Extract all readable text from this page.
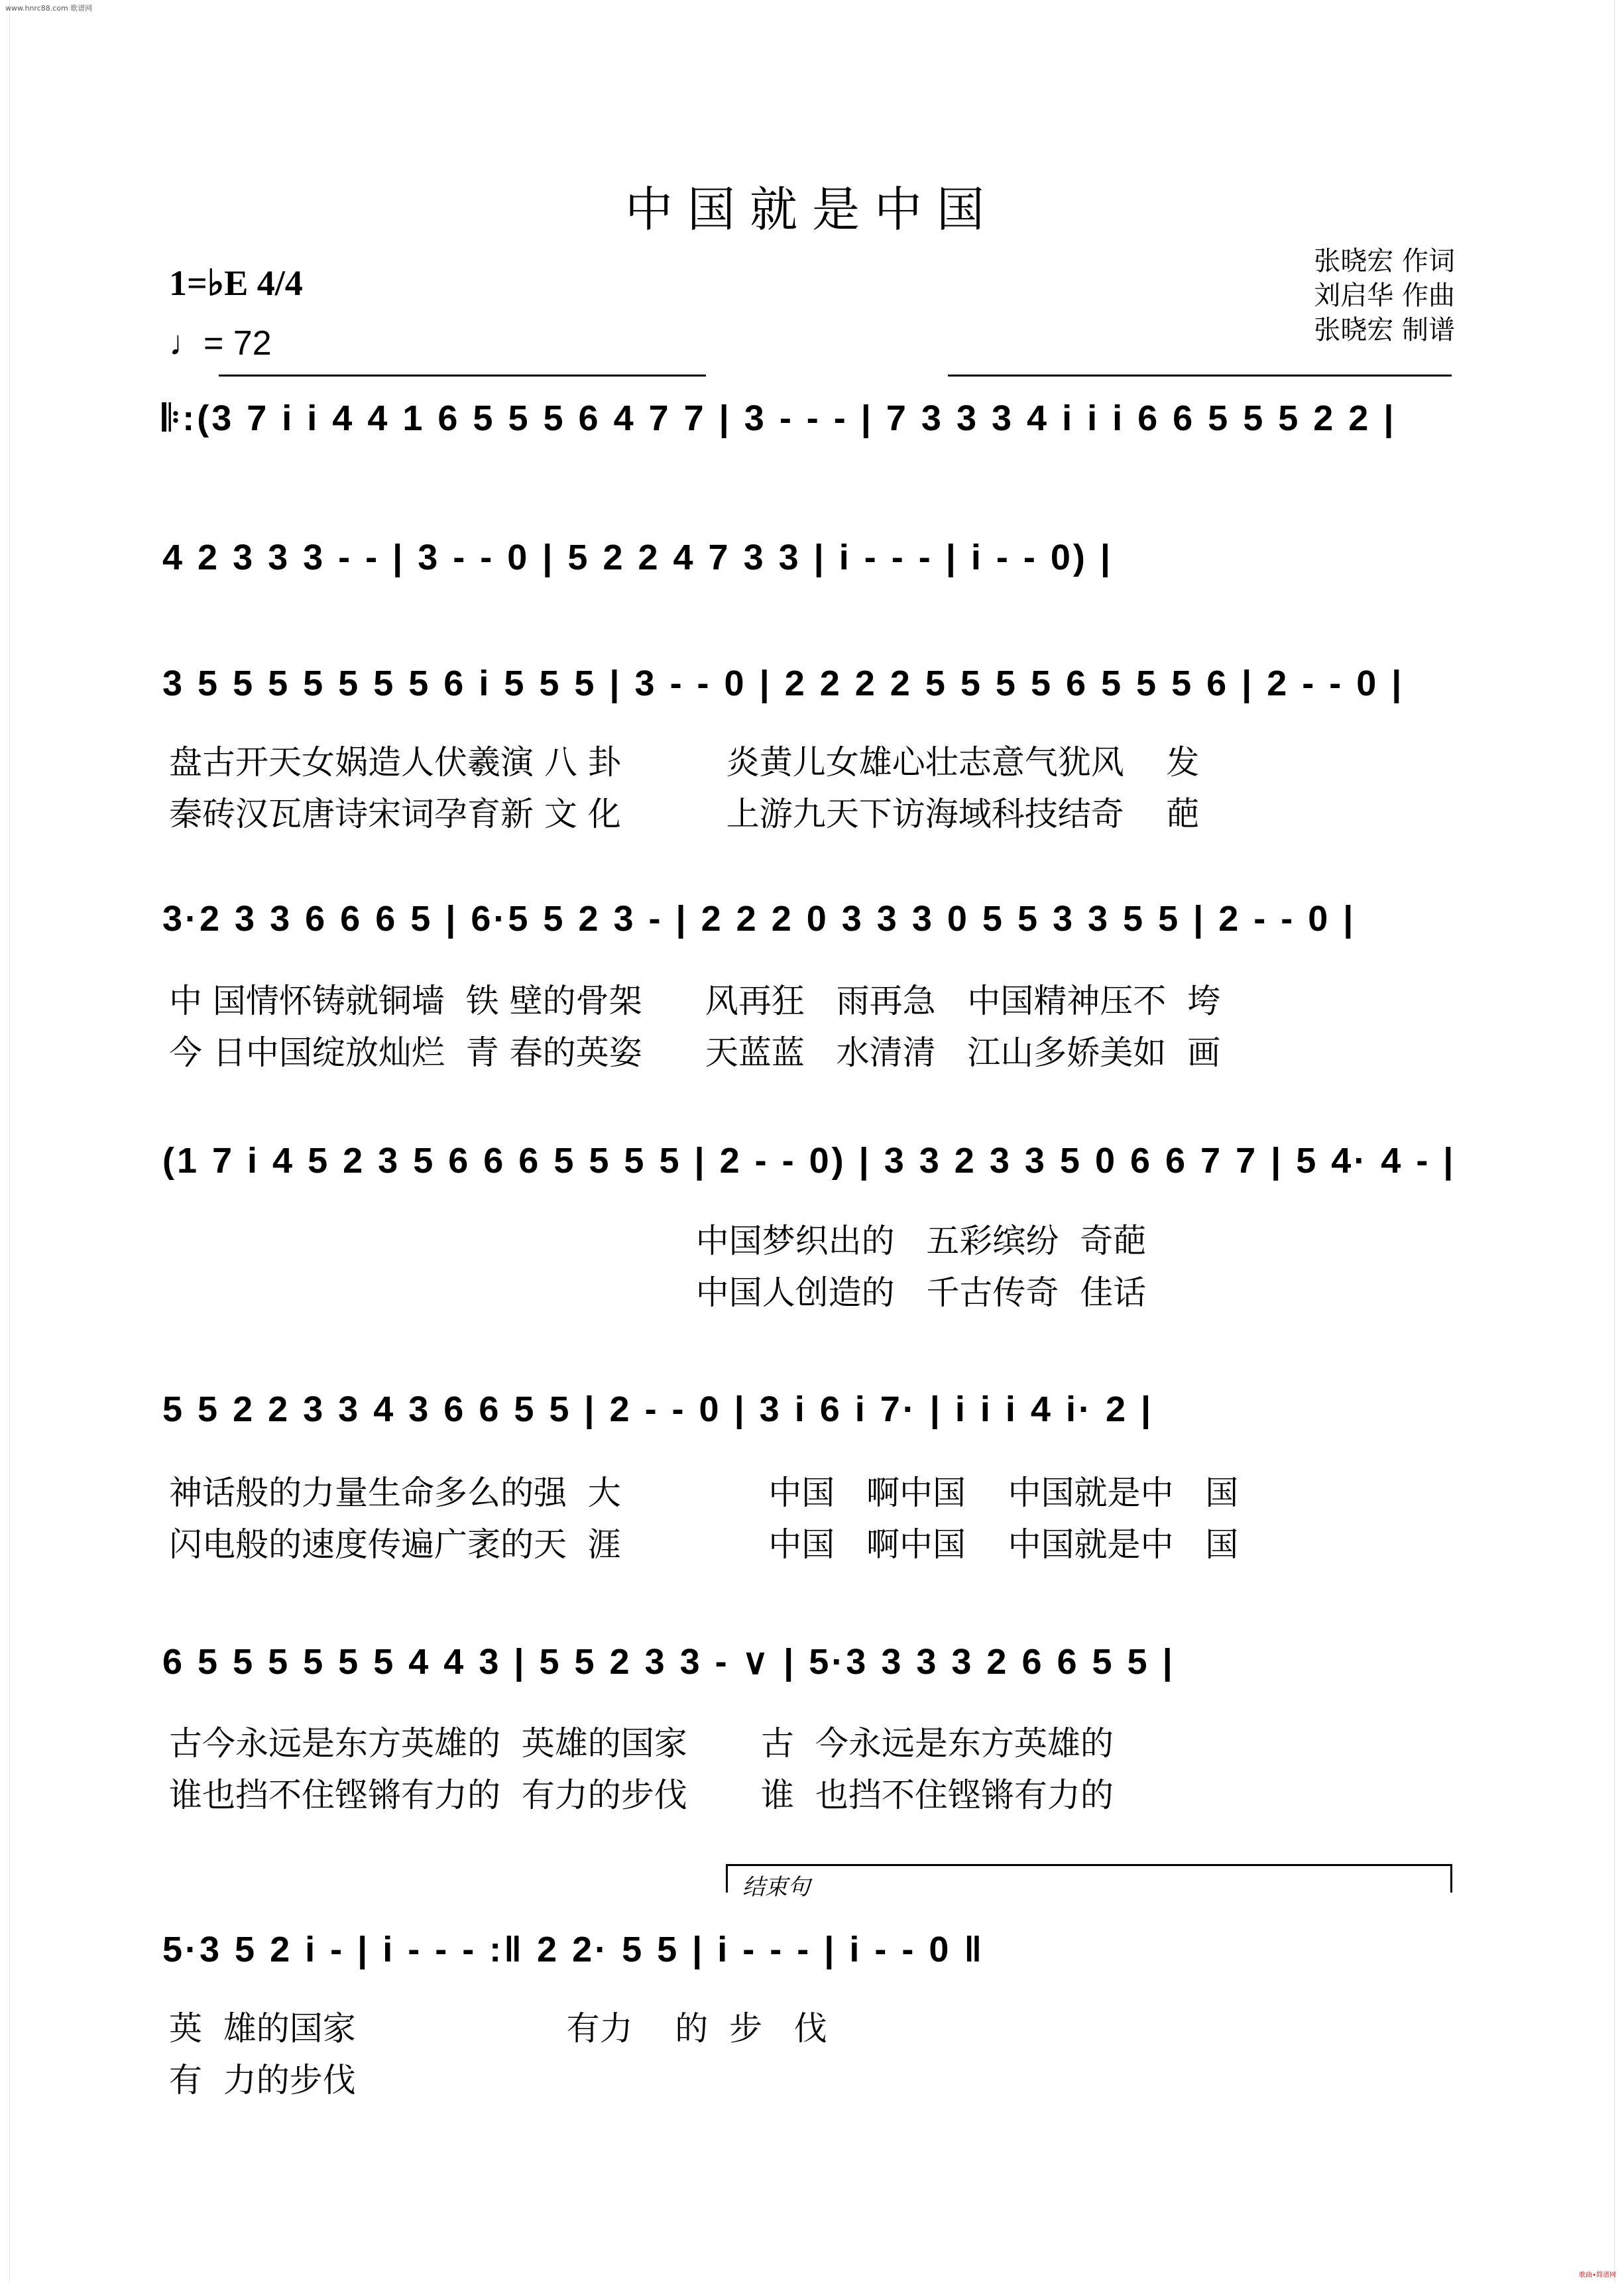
www.hnrc88.com 歌谱网
歌曲•简谱网
中国就是中国
1=♭E 4/4
♩= 72
张晓宏 作词
刘启华 作曲
张晓宏 制谱
𝄆:(3 7 i i 4 4 1 6 5 5 5 6 4 7 7 | 3 - - - | 7 3 3 3 4 i i i 6 6 5 5 5 2 2 |
4 2 3 3 3 - - | 3 - - 0 | 5 2 2 4 7 3 3 | i - - - | i - - 0) |
3 5 5 5 5 5 5 5 6 i 5 5 5 | 3 - - 0 | 2 2 2 2 5 5 5 5 6 5 5 5 6 | 2 - - 0 |
盘古开天女娲造人伏羲演 八 卦          炎黄儿女雄心壮志意气犹风    发
秦砖汉瓦唐诗宋词孕育新 文 化          上游九天下访海域科技结奇    葩
3·2 3 3 6 6 6 5 | 6·5 5 2 3 - | 2 2 2 0 3 3 3 0 5 5 3 3 5 5 | 2 - - 0 |
中 国情怀铸就铜墙  铁 壁的骨架      风再狂   雨再急   中国精神压不  垮
今 日中国绽放灿烂  青 春的英姿      天蓝蓝   水清清   江山多娇美如  画
(1 7 i 4 5 2 3 5 6 6 6 5 5 5 5 | 2 - - 0) | 3 3 2 3 3 5 0 6 6 7 7 | 5 4· 4 - |
中国梦织出的   五彩缤纷  奇葩
中国人创造的   千古传奇  佳话
5 5 2 2 3 3 4 3 6 6 5 5 | 2 - - 0 | 3 i 6 i 7· | i i i 4 i· 2 |
神话般的力量生命多么的强  大              中国   啊中国    中国就是中   国
闪电般的速度传遍广袤的天  涯              中国   啊中国    中国就是中   国
6 5 5 5 5 5 5 4 4 3 | 5 5 2 3 3 - ∨ | 5·3 3 3 3 2 6 6 5 5 |
古今永远是东方英雄的  英雄的国家       古  今永远是东方英雄的
谁也挡不住铿锵有力的  有力的步伐       谁  也挡不住铿锵有力的
结束句
5·3 5 2 i - | i - - - :‖ 2 2· 5 5 | i - - - | i - - 0 ‖
英  雄的国家                    有力    的  步   伐
有  力的步伐
